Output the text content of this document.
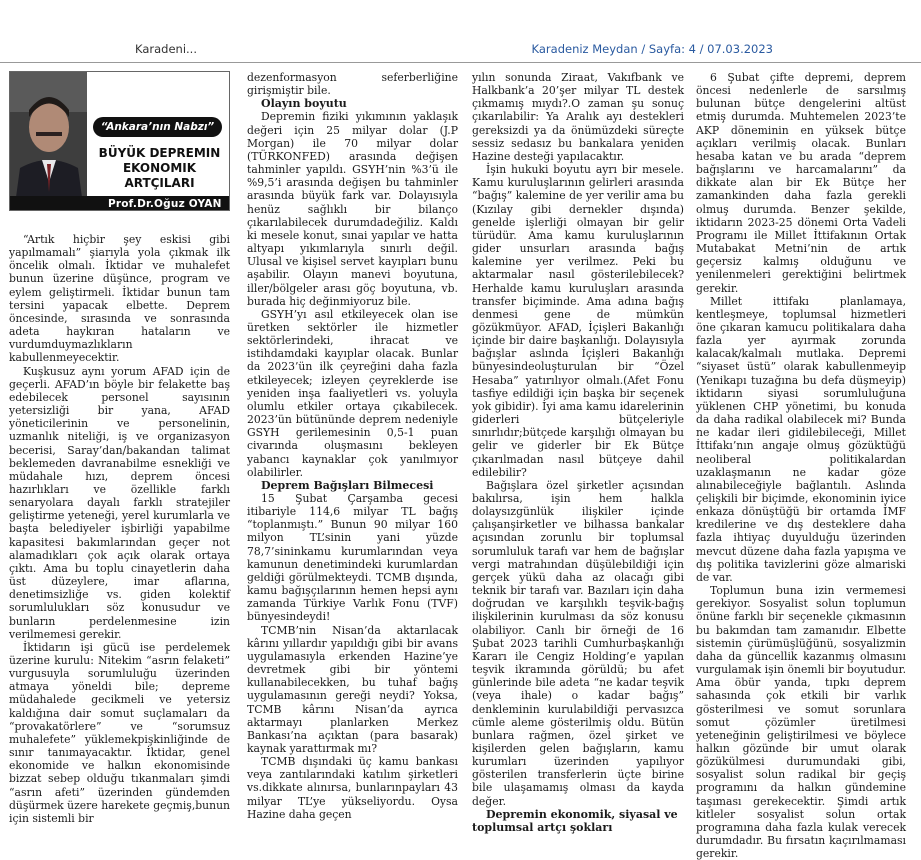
Karadeni...	Karadeniz Meydan / Sayfa: 4 / 07.03.2023
“Ankara’nın Nabzı”
BÜYÜK DEPREMIN EKONOMIK ARTÇILARI
Prof.Dr.Oğuz OYAN

“Artık hiçbir şey eskisi gibi yapılmamalı” şiarıyla yola çıkmak ilk öncelik olmalı. İktidar ve muhalefet bunun üzerine düşünce, program ve eylem geliştirmeli. İktidar bunun tam tersini yapacak elbette. Deprem öncesinde, sırasında ve sonrasında adeta haykıran hataların ve vurdumduymazlıkların kabullenmeyecektir.

Kuşkusuz aynı yorum AFAD için de geçerli. AFAD’ın böyle bir felakette baş edebilecek personel sayısının yetersizliği bir yana, AFAD yöneticilerinin ve personelinin, uzmanlık niteliği, iş ve organizasyon becerisi, Saray’dan/bakandan talimat beklemeden davranabilme esnekliği ve müdahale hızı, deprem öncesi hazırlıkları ve özellikle farklı senaryolara dayalı farklı stratejiler geliştirme yeteneği, yerel kurumlarla ve başta belediyeler işbirliği yapabilme kapasitesi bakımlarından geçer not alamadıkları çok açık olarak ortaya çıktı. Ama bu toplu cinayetlerin daha üst düzeylere, imar aflarına, denetimsizliğe vs. giden kolektif sorumlulukları söz konusudur ve bunların perdelenmesine izin verilmemesi gerekir.

İktidarın işi gücü ise perdelemek üzerine kurulu: Nitekim “asrın felaketi” vurgusuyla sorumluluğu üzerinden atmaya yöneldi bile; depreme müdahalede gecikmeli ve yetersiz kaldığına dair somut suçlamaları da “provakatörlere” ve “sorumsuz muhalefete” yüklemekpişkinliğinde de sınır tanımayacaktır. İktidar, genel ekonomide ve halkın ekonomisinde bizzat sebep olduğu tıkanmaları şimdi “asrın afeti” üzerinden gündemden düşürmek üzere harekete geçmiş,bunun için sistemli bir

dezenformasyon seferberliğine girişmiştir bile.

Olayın boyutu

Depremin fiziki yıkımının yaklaşık değeri için 25 milyar dolar (J.P Morgan) ile 70 milyar dolar (TÜRKONFED) arasında değişen tahminler yapıldı. GSYH’nin %3’ü ile %9,5’i arasında değişen bu tahminler arasında büyük fark var. Dolayısıyla henüz sağlıklı bir bilanço çıkarılabilecek durumdadeğiliz. Kaldı ki mesele konut, sınai yapılar ve hatta altyapı yıkımlarıyla sınırlı değil. Ulusal ve kişisel servet kayıpları bunu aşabilir. Olayın manevi boyutuna, iller/bölgeler arası göç boyutuna, vb. burada hiç değinmiyoruz bile.

GSYH’yı asıl etkileyecek olan ise üretken sektörler ile hizmetler sektörlerindeki, ihracat ve istihdamdaki kayıplar olacak. Bunlar da 2023’ün ilk çeyreğini daha fazla etkileyecek; izleyen çeyreklerde ise yeniden inşa faaliyetleri vs. yoluyla olumlu etkiler ortaya çıkabilecek. 2023’ün bütününde deprem nedeniyle GSYH gerilemesinin 0,5-1 puan civarında oluşmasını bekleyen yabancı kaynaklar çok yanılmıyor olabilirler.

Deprem Bağışları Bilmecesi

15 Şubat Çarşamba gecesi itibariyle 114,6 milyar TL bağış “toplanmıştı.” Bunun 90 milyar 160 milyon TL’sinin yani yüzde 78,7’sininkamu kurumlarından veya kamunun denetimindeki kurumlardan geldiği görülmekteydi. TCMB dışında, kamu bağışçılarının hemen hepsi aynı zamanda Türkiye Varlık Fonu (TVF) bünyesindeydi!

TCMB’nin Nisan’da aktarılacak kârını yıllardır yapıldığı gibi bir avans uygulamasıyla erkenden Hazine’ye devretmek gibi bir yöntemi kullanabilecekken, bu tuhaf bağış uygulamasının gereği neydi? Yoksa, TCMB kârını Nisan’da ayrıca aktarmayı planlarken Merkez Bankası’na açıktan (para basarak) kaynak yarattırmak mı?

TCMB dışındaki üç kamu bankası veya zantılarındaki katılım şirketleri vs.dikkate alınırsa, bunlarınpayları 43 milyar TL’ye yükseliyordu. Oysa Hazine daha geçen

yılın sonunda Ziraat, Vakıfbank ve Halkbank’a 20’şer milyar TL destek çıkmamış mıydı?.O zaman şu sonuç çıkarılabilir: Ya Aralık ayı destekleri gereksizdi ya da önümüzdeki süreçte sessiz sedasız bu bankalara yeniden Hazine desteği yapılacaktır.

İşin hukuki boyutu ayrı bir mesele. Kamu kuruluşlarının gelirleri arasında “bağış” kalemine de yer verilir ama bu (Kızılay gibi dernekler dışında) genelde işlerliği olmayan bir gelir türüdür. Ama kamu kuruluşlarının gider unsurları arasında bağış kalemine yer verilmez. Peki bu aktarmalar nasıl gösterilebilecek? Herhalde kamu kuruluşları arasında transfer biçiminde. Ama adına bağış denmesi gene de mümkün gözükmüyor. AFAD, İçişleri Bakanlığı içinde bir daire başkanlığı. Dolayısıyla bağışlar aslında İçişleri Bakanlığı bünyesindeoluşturulan bir “Özel Hesaba” yatırılıyor olmalı.(Afet Fonu tasfiye edildiği için başka bir seçenek yok gibidir). İyi ama kamu idarelerinin giderleri bütçeleriyle sınırlıdır;bütçede karşılığı olmayan bu gelir ve giderler bir Ek Bütçe çıkarılmadan nasıl bütçeye dahil edilebilir?

Bağışlara özel şirketler açısından bakılırsa, işin hem halkla dolaysızgünlük ilişkiler içinde çalışanşirketler ve bilhassa bankalar açısından zorunlu bir toplumsal sorumluluk tarafı var hem de bağışlar vergi matrahından düşülebildiği için gerçek yükü daha az olacağı gibi teknik bir tarafı var. Bazıları için daha doğrudan ve karşılıklı teşvik-bağış ilişkilerinin kurulması da söz konusu olabiliyor. Canlı bir örneği de 16 Şubat 2023 tarihli Cumhurbaşkanlığı Kararı ile Cengiz Holding’e yapılan teşvik ikramında görüldü; bu afet günlerinde bile adeta “ne kadar teşvik (veya ihale) o kadar bağış” denkleminin kurulabildiği pervasızca cümle aleme gösterilmiş oldu. Bütün bunlara rağmen, özel şirket ve kişilerden gelen bağışların, kamu kurumları üzerinden yapılıyor gösterilen transferlerin üçte birine bile ulaşamamış olması da kayda değer.

Depremin ekonomik, siyasal ve toplumsal artçı şokları

6 Şubat çifte depremi, deprem öncesi nedenlerle de sarsılmış bulunan bütçe dengelerini altüst etmiş durumda. Muhtemelen 2023’te AKP döneminin en yüksek bütçe açıkları verilmiş olacak. Bunları hesaba katan ve bu arada “deprem bağışlarını ve harcamalarını” da dikkate alan bir Ek Bütçe her zamankinden daha fazla gerekli olmuş durumda. Benzer şekilde, iktidarın 2023-25 dönemi Orta Vadeli Programı ile Millet İttifakının Ortak Mutabakat Metni’nin de artık geçersiz kalmış olduğunu ve yenilenmeleri gerektiğini belirtmek gerekir.

Millet ittifakı planlamaya, kentleşmeye, toplumsal hizmetleri öne çıkaran kamucu politikalara daha fazla yer ayırmak zorunda kalacak/kalmalı mutlaka. Depremi “siyaset üstü” olarak kabullenmeyip (Yenikapı tuzağına bu defa düşmeyip) iktidarın siyasi sorumluluğuna yüklenen CHP yönetimi, bu konuda da daha radikal olabilecek mi? Bunda ne kadar ileri gidilebileceği, Millet İttifakı’nın angaje olmuş gözüktüğü neoliberal politikalardan uzaklaşmanın ne kadar göze alınabileceğiyle bağlantılı. Aslında çelişkili bir biçimde, ekonominin iyice enkaza dönüştüğü bir ortamda İMF kredilerine ve dış desteklere daha fazla ihtiyaç duyulduğu üzerinden mevcut düzene daha fazla yapışma ve dış politika tavizlerini göze almariski de var.

Toplumun buna izin vermemesi gerekiyor. Sosyalist solun toplumun önüne farklı bir seçenekle çıkmasının bu bakımdan tam zamanıdır. Elbette sistemin çürümüşlüğünü, sosyalizmin daha da güncellik kazanmış olmasını vurgulamak işin önemli bir boyutudur. Ama öbür yanda, tıpkı deprem sahasında çok etkili bir varlık gösterilmesi ve somut sorunlara somut çözümler üretilmesi yeteneğinin geliştirilmesi ve böylece halkın gözünde bir umut olarak gözükülmesi durumundaki gibi, sosyalist solun radikal bir geçiş programını da halkın gündemine taşıması gerekecektir. Şimdi artık kitleler sosyalist solun ortak programına daha fazla kulak verecek durumdadır. Bu fırsatın kaçırılmaması gerekir.
